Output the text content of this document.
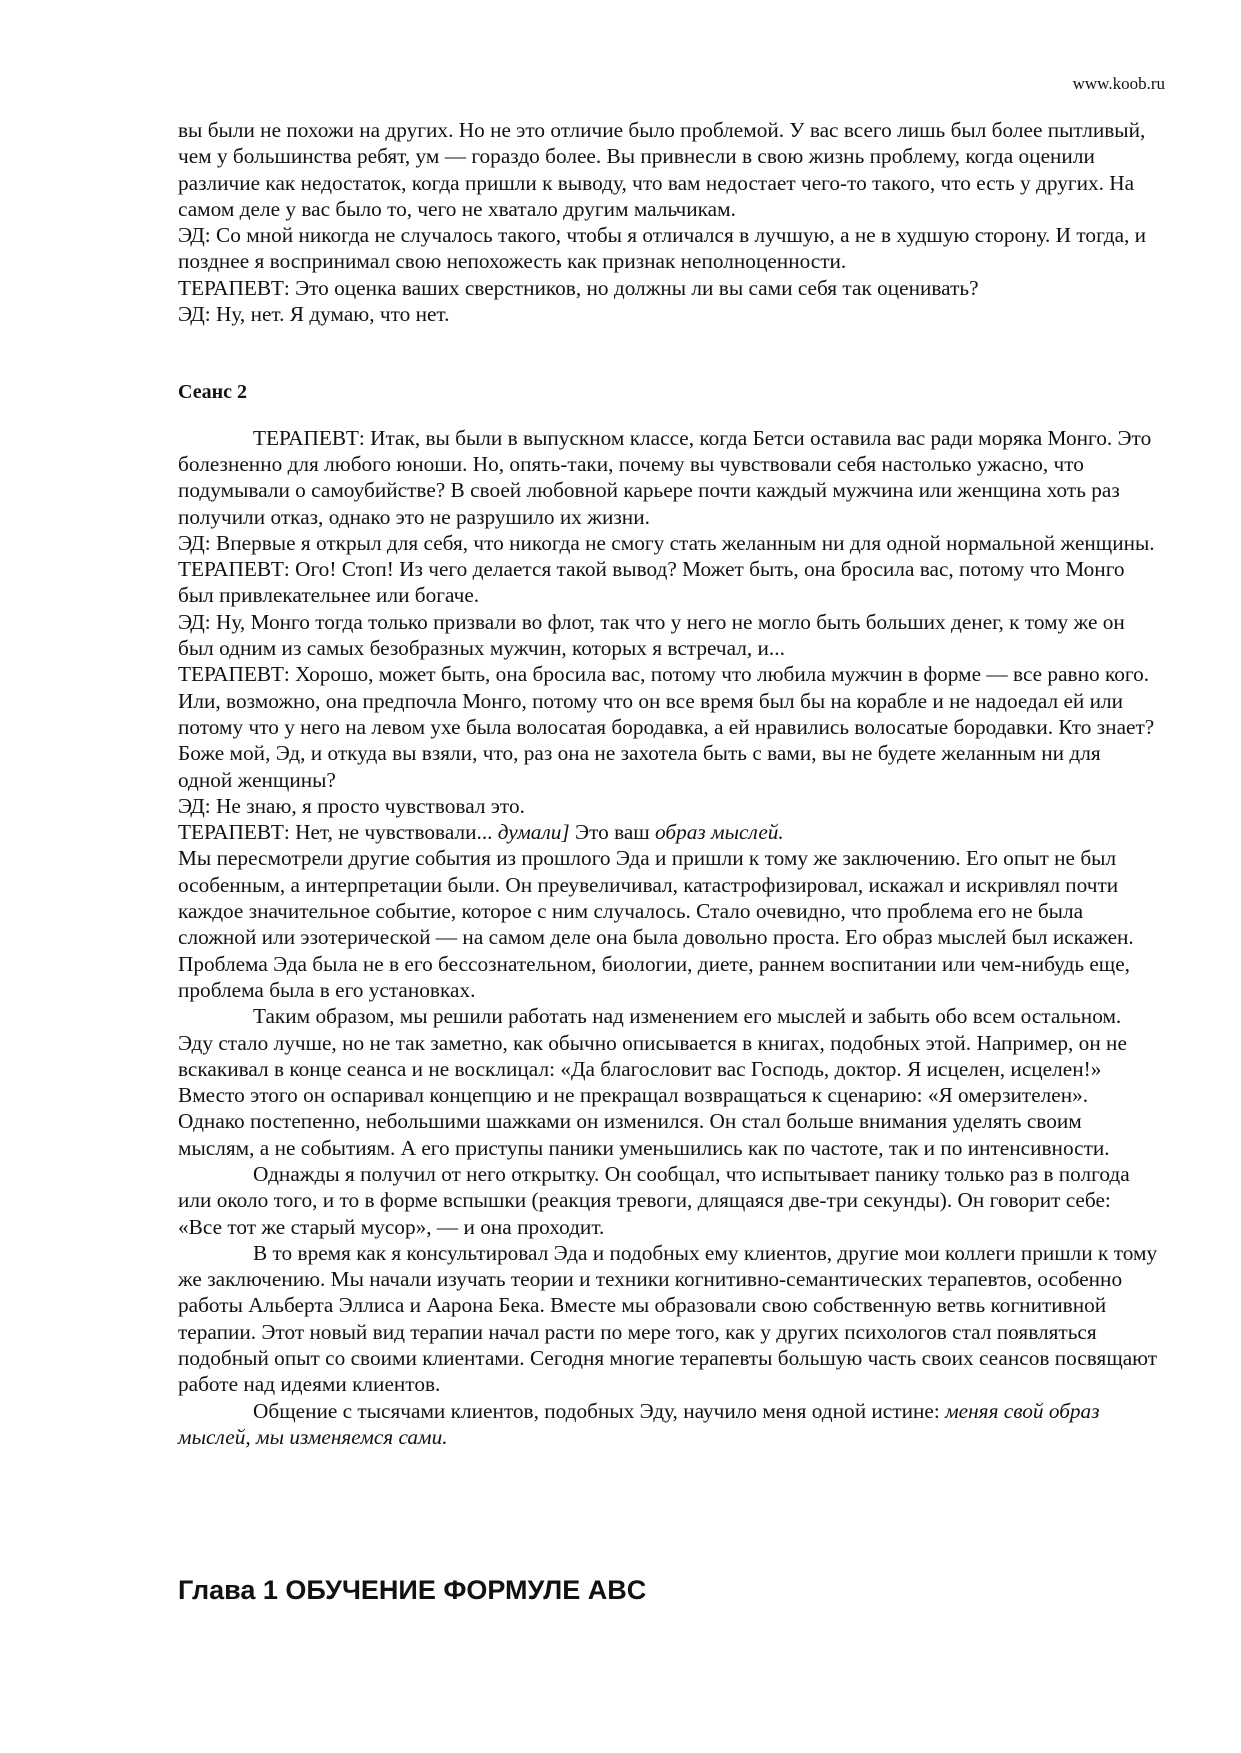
www.koob.ru

вы были не похожи на других. Но не это отличие было проблемой. У вас всего лишь был более пытливый, чем у большинства ребят, ум — гораздо более. Вы привнесли в свою жизнь проблему, когда оценили различие как недостаток, когда пришли к выводу, что вам недостает чего-то такого, что есть у других. На самом деле у вас было то, чего не хватало другим мальчикам.

ЭД: Со мной никогда не случалось такого, чтобы я отличался в лучшую, а не в худшую сторону. И тогда, и позднее я воспринимал свою непохожесть как признак неполноценности.

ТЕРАПЕВТ: Это оценка ваших сверстников, но должны ли вы сами себя так оценивать?

ЭД: Ну, нет. Я думаю, что нет.

Сеанс 2

ТЕРАПЕВТ: Итак, вы были в выпускном классе, когда Бетси оставила вас ради моряка Монго. Это болезненно для любого юноши. Но, опять-таки, почему вы чувствовали себя настолько ужасно, что подумывали о самоубийстве? В своей любовной карьере почти каждый мужчина или женщина хоть раз получили отказ, однако это не разрушило их жизни.

ЭД: Впервые я открыл для себя, что никогда не смогу стать желанным ни для одной нормальной женщины.

ТЕРАПЕВТ: Ого! Стоп! Из чего делается такой вывод? Может быть, она бросила вас, потому что Монго был привлекательнее или богаче.

ЭД: Ну, Монго тогда только призвали во флот, так что у него не могло быть больших денег, к тому же он был одним из самых безобразных мужчин, которых я встречал, и...

ТЕРАПЕВТ: Хорошо, может быть, она бросила вас, потому что любила мужчин в форме — все равно кого. Или, возможно, она предпочла Монго, потому что он все время был бы на корабле и не надоедал ей или потому что у него на левом ухе была волосатая бородавка, а ей нравились волосатые бородавки. Кто знает? Боже мой, Эд, и откуда вы взяли, что, раз она не захотела быть с вами, вы не будете желанным ни для одной женщины?

ЭД: Не знаю, я просто чувствовал это.

ТЕРАПЕВТ: Нет, не чувствовали... думали] Это ваш образ мыслей.

Мы пересмотрели другие события из прошлого Эда и пришли к тому же заключению. Его опыт не был особенным, а интерпретации были. Он преувеличивал, катастрофизировал, искажал и искривлял почти каждое значительное событие, которое с ним случалось. Стало очевидно, что проблема его не была сложной или эзотерической — на самом деле она была довольно проста. Его образ мыслей был искажен. Проблема Эда была не в его бессознательном, биологии, диете, раннем воспитании или чем-нибудь еще, проблема была в его установках.

Таким образом, мы решили работать над изменением его мыслей и забыть обо всем остальном. Эду стало лучше, но не так заметно, как обычно описывается в книгах, подобных этой. Например, он не вскакивал в конце сеанса и не восклицал: «Да благословит вас Господь, доктор. Я исцелен, исцелен!» Вместо этого он оспаривал концепцию и не прекращал возвращаться к сценарию: «Я омерзителен». Однако постепенно, небольшими шажками он изменился. Он стал больше внимания уделять своим мыслям, а не событиям. А его приступы паники уменьшились как по частоте, так и по интенсивности.

Однажды я получил от него открытку. Он сообщал, что испытывает панику только раз в полгода или около того, и то в форме вспышки (реакция тревоги, длящаяся две-три секунды). Он говорит себе: «Все тот же старый мусор», — и она проходит.

В то время как я консультировал Эда и подобных ему клиентов, другие мои коллеги пришли к тому же заключению. Мы начали изучать теории и техники когнитивно-семантических терапевтов, особенно работы Альберта Эллиса и Аарона Бека. Вместе мы образовали свою собственную ветвь когнитивной терапии. Этот новый вид терапии начал расти по мере того, как у других психологов стал появляться подобный опыт со своими клиентами. Сегодня многие терапевты большую часть своих сеансов посвящают работе над идеями клиентов.

Общение с тысячами клиентов, подобных Эду, научило меня одной истине: меняя свой образ мыслей, мы изменяемся сами.

Глава 1 ОБУЧЕНИЕ ФОРМУЛЕ ABC
